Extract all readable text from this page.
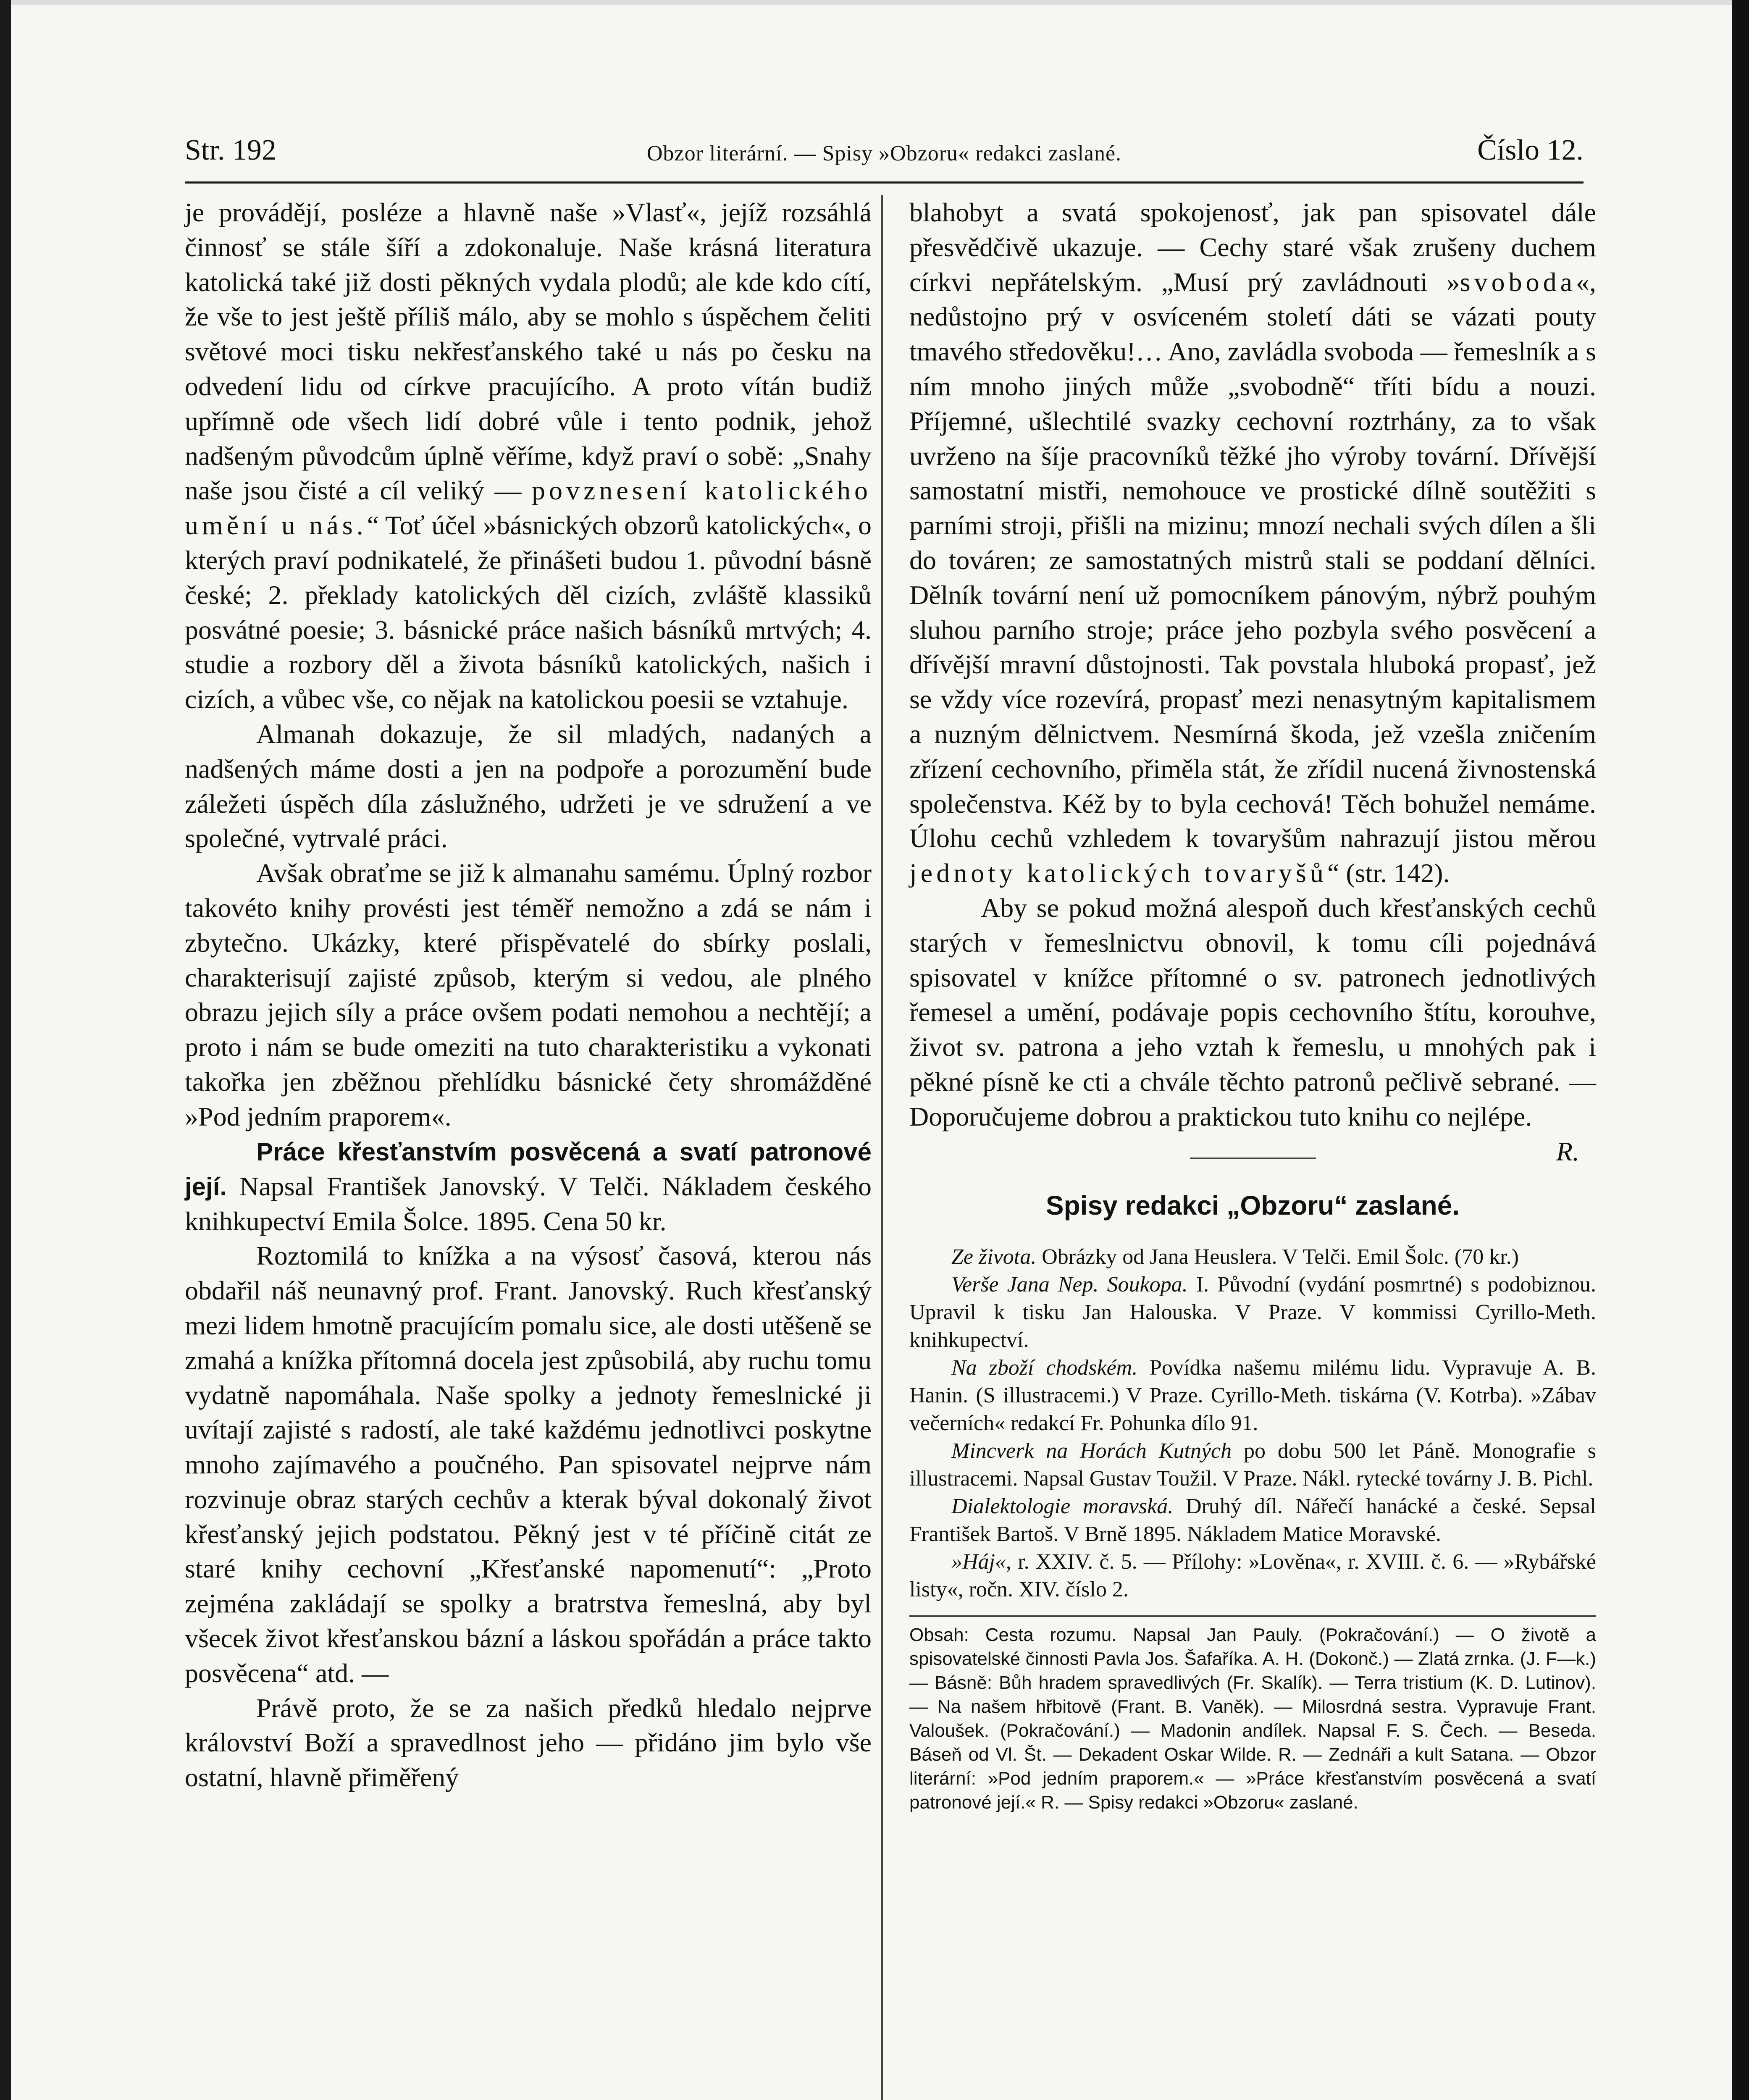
Str. 192	Obzor literární. — Spisy »Obzoru« redakci zaslané.	Číslo 12.

je provádějí, posléze a hlavně naše »Vlasť«, jejíž rozsáhlá činnosť se stále šíří a zdokonaluje. Naše krásná literatura katolická také již dosti pěkných vydala plodů; ale kde kdo cítí, že vše to jest ještě příliš málo, aby se mohlo s úspěchem čeliti světové moci tisku nekřesťanského také u nás po česku na odvedení lidu od církve pracujícího. A proto vítán budiž upřímně ode všech lidí dobré vůle i tento podnik, jehož nadšeným původcům úplně věříme, když praví o sobě: „Snahy naše jsou čisté a cíl veliký — povznesení katolického umění u nás.“ Toť účel »básnických obzorů katolických«, o kterých praví podnikatelé, že přinášeti budou 1. původní básně české; 2. překlady katolických děl cizích, zvláště klassiků posvátné poesie; 3. básnické práce našich básníků mrtvých; 4. studie a rozbory děl a života básníků katolických, našich i cizích, a vůbec vše, co nějak na katolickou poesii se vztahuje.

Almanah dokazuje, že sil mladých, nadaných a nadšených máme dosti a jen na podpoře a porozumění bude záležeti úspěch díla záslužného, udržeti je ve sdružení a ve společné, vytrvalé práci.

Avšak obraťme se již k almanahu samému. Úplný rozbor takovéto knihy provésti jest téměř nemožno a zdá se nám i zbytečno. Ukázky, které přispěvatelé do sbírky poslali, charakterisují zajisté způsob, kterým si vedou, ale plného obrazu jejich síly a práce ovšem podati nemohou a nechtějí; a proto i nám se bude omeziti na tuto charakteristiku a vykonati takořka jen zběžnou přehlídku básnické čety shromážděné »Pod jedním praporem«.

Práce křesťanstvím posvěcená a svatí patronové její. Napsal František Janovský. V Telči. Nákladem českého knihkupectví Emila Šolce. 1895. Cena 50 kr.

Roztomilá to knížka a na výsosť časová, kterou nás obdařil náš neunavný prof. Frant. Janovský. Ruch křesťanský mezi lidem hmotně pracujícím pomalu sice, ale dosti utěšeně se zmahá a knížka přítomná docela jest způsobilá, aby ruchu tomu vydatně napomáhala. Naše spolky a jednoty řemeslnické ji uvítají zajisté s radostí, ale také každému jednotlivci poskytne mnoho zajímavého a poučného. Pan spisovatel nejprve nám rozvinuje obraz starých cechův a kterak býval dokonalý život křesťanský jejich podstatou. Pěkný jest v té příčině citát ze staré knihy cechovní „Křesťanské napomenutí“: „Proto zejména zakládají se spolky a bratrstva řemeslná, aby byl všecek život křesťanskou bázní a láskou spořádán a práce takto posvěcena“ atd. —

Právě proto, že se za našich předků hledalo nejprve království Boží a spravedlnost jeho — přidáno jim bylo vše ostatní, hlavně přiměřený

blahobyt a svatá spokojenosť, jak pan spisovatel dále přesvědčivě ukazuje. — Cechy staré však zrušeny duchem církvi nepřátelským. „Musí prý zavládnouti »svoboda«, nedůstojno prý v osvíceném století dáti se vázati pouty tmavého středověku!… Ano, zavládla svoboda — řemeslník a s ním mnoho jiných může „svobodně“ tříti bídu a nouzi. Příjemné, ušlechtilé svazky cechovní roztrhány, za to však uvrženo na šíje pracovníků těžké jho výroby tovární. Dřívější samostatní mistři, nemohouce ve prostické dílně soutěžiti s parními stroji, přišli na mizinu; mnozí nechali svých dílen a šli do továren; ze samostatných mistrů stali se poddaní dělníci. Dělník tovární není už pomocníkem pánovým, nýbrž pouhým sluhou parního stroje; práce jeho pozbyla svého posvěcení a dřívější mravní důstojnosti. Tak povstala hluboká propasť, jež se vždy více rozevírá, propasť mezi nenasytným kapitalismem a nuzným dělnictvem. Nesmírná škoda, jež vzešla zničením zřízení cechovního, přiměla stát, že zřídil nucená živnostenská společenstva. Kéž by to byla cechová! Těch bohužel nemáme. Úlohu cechů vzhledem k tovaryšům nahrazují jistou měrou jednoty katolických tovaryšů“ (str. 142).

Aby se pokud možná alespoň duch křesťanských cechů starých v řemeslnictvu obnovil, k tomu cíli pojednává spisovatel v knížce přítomné o sv. patronech jednotlivých řemesel a umění, podávaje popis cechovního štítu, korouhve, život sv. patrona a jeho vztah k řemeslu, u mnohých pak i pěkné písně ke cti a chvále těchto patronů pečlivě sebrané. — Doporučujeme dobrou a praktickou tuto knihu co nejlépe.
R.

Spisy redakci „Obzoru“ zaslané.

Ze života. Obrázky od Jana Heuslera. V Telči. Emil Šolc. (70 kr.)

Verše Jana Nep. Soukopa. I. Původní (vydání posmrtné) s podobiznou. Upravil k tisku Jan Halouska. V Praze. V kommissi Cyrillo-Meth. knihkupectví.

Na zboží chodském. Povídka našemu milému lidu. Vypravuje A. B. Hanin. (S illustracemi.) V Praze. Cyrillo-Meth. tiskárna (V. Kotrba). »Zábav večerních« redakcí Fr. Pohunka dílo 91.

Mincverk na Horách Kutných po dobu 500 let Páně. Monografie s illustracemi. Napsal Gustav Toužil. V Praze. Nákl. rytecké továrny J. B. Pichl.

Dialektologie moravská. Druhý díl. Nářečí hanácké a české. Sepsal František Bartoš. V Brně 1895. Nákladem Matice Moravské.

»Háj«, r. XXIV. č. 5. — Přílohy: »Lověna«, r. XVIII. č. 6. — »Rybářské listy«, ročn. XIV. číslo 2.

Obsah: Cesta rozumu. Napsal Jan Pauly. (Pokračování.) — O životě a spisovatelské činnosti Pavla Jos. Šafaříka. A. H. (Dokonč.) — Zlatá zrnka. (J. F—k.) — Básně: Bůh hradem spravedlivých (Fr. Skalík). — Terra tristium (K. D. Lutinov). — Na našem hřbitově (Frant. B. Vaněk). — Milosrdná sestra. Vypravuje Frant. Valoušek. (Pokračování.) — Madonin andílek. Napsal F. S. Čech. — Beseda. Báseň od Vl. Št. — Dekadent Oskar Wilde. R. — Zednáři a kult Satana. — Obzor literární: »Pod jedním praporem.« — »Práce křesťanstvím posvěcená a svatí patronové její.« R. — Spisy redakci »Obzoru« zaslané.
